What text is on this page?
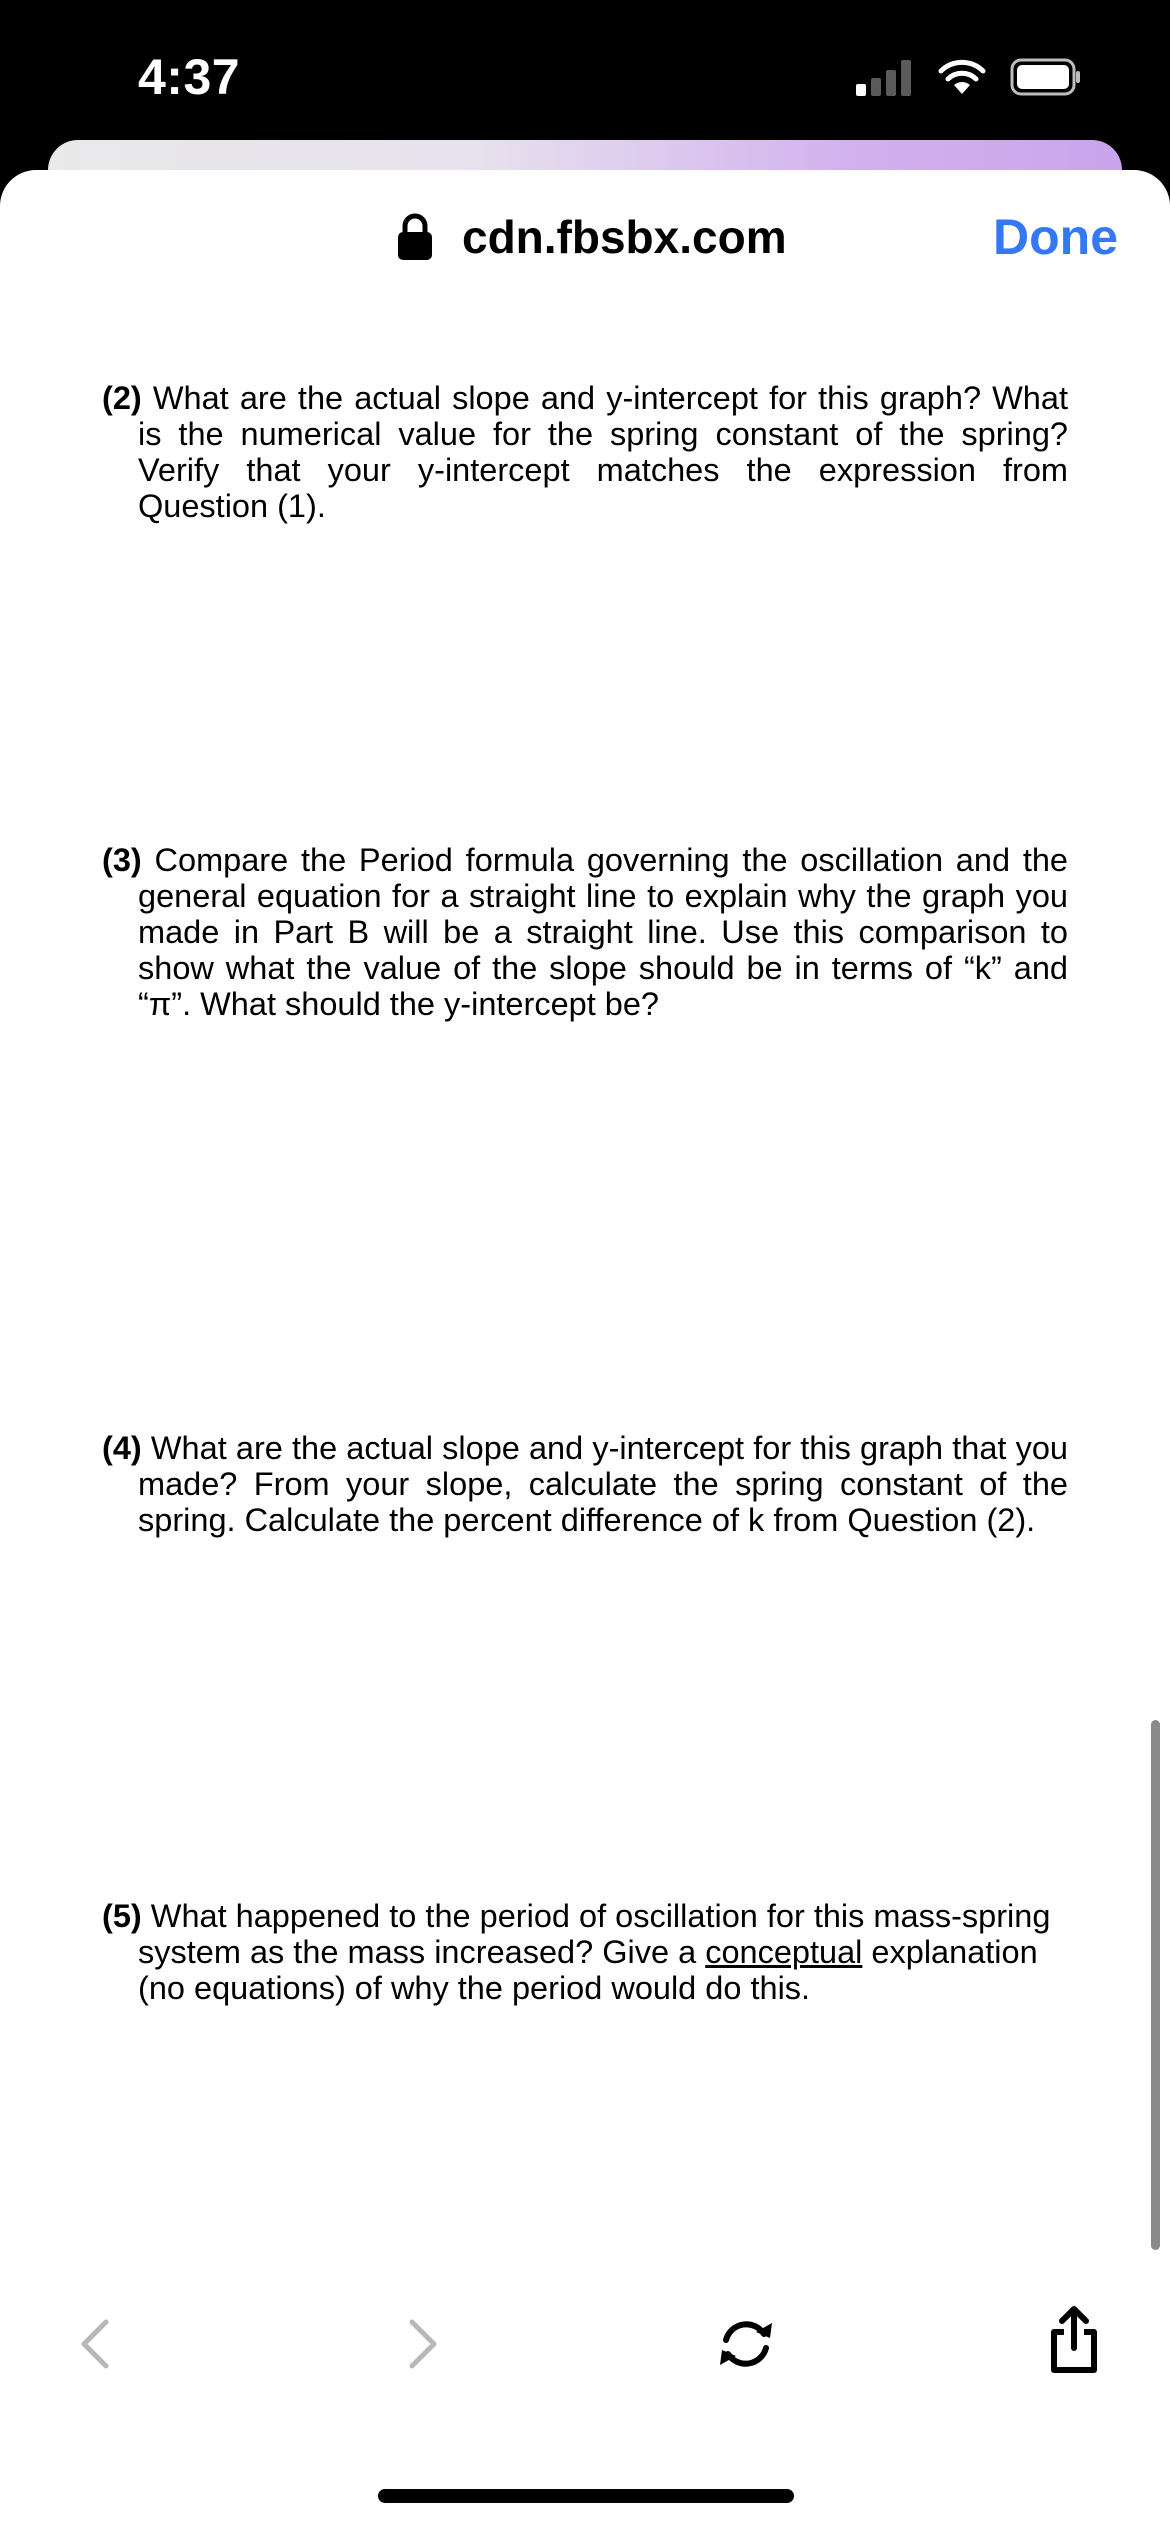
4:37
cdn.fbsbx.com	Done

(2) What are the actual slope and y-intercept for this graph? What is the numerical value for the spring constant of the spring? Verify that your y-intercept matches the expression from Question (1).

(3) Compare the Period formula governing the oscillation and the general equation for a straight line to explain why the graph you made in Part B will be a straight line. Use this comparison to show what the value of the slope should be in terms of “k” and “π”. What should the y-intercept be?

(4) What are the actual slope and y-intercept for this graph that you made? From your slope, calculate the spring constant of the spring. Calculate the percent difference of k from Question (2).

(5) What happened to the period of oscillation for this mass-spring system as the mass increased? Give a conceptual explanation (no equations) of why the period would do this.
